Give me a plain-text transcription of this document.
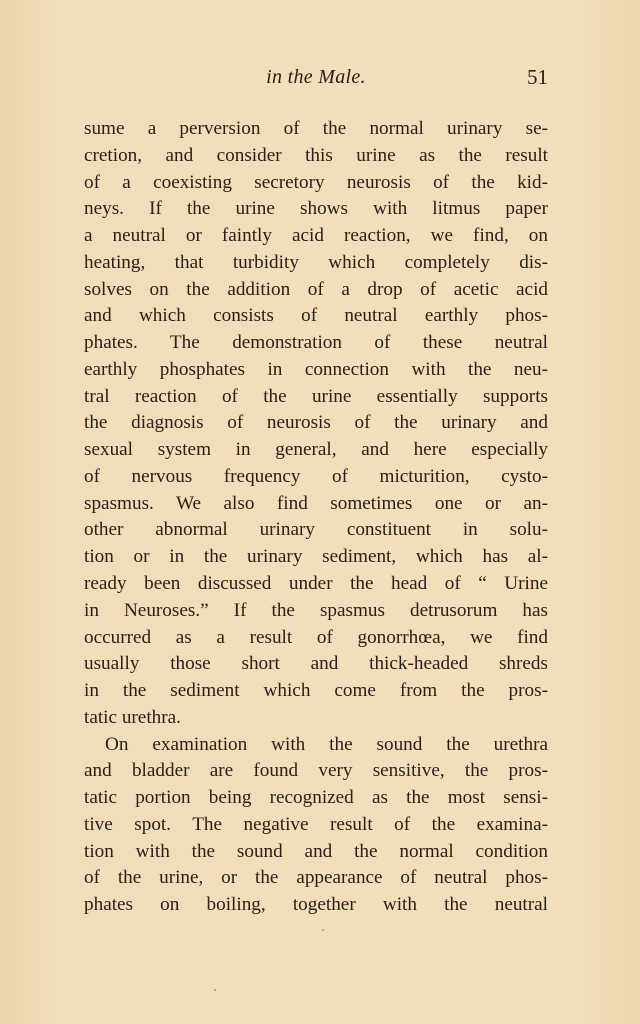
in the Male.	51
sume a perversion of the normal urinary se-
cretion, and consider this urine as the result
of a coexisting secretory neurosis of the kid-
neys. If the urine shows with litmus paper
a neutral or faintly acid reaction, we find, on
heating, that turbidity which completely dis-
solves on the addition of a drop of acetic acid
and which consists of neutral earthly phos-
phates. The demonstration of these neutral
earthly phosphates in connection with the neu-
tral reaction of the urine essentially supports
the diagnosis of neurosis of the urinary and
sexual system in general, and here especially
of nervous frequency of micturition, cysto-
spasmus. We also find sometimes one or an-
other abnormal urinary constituent in solu-
tion or in the urinary sediment, which has al-
ready been discussed under the head of “ Urine
in Neuroses.” If the spasmus detrusorum has
occurred as a result of gonorrhœa, we find
usually those short and thick-headed shreds
in the sediment which come from the pros-
tatic urethra.
On examination with the sound the urethra
and bladder are found very sensitive, the pros-
tatic portion being recognized as the most sensi-
tive spot. The negative result of the examina-
tion with the sound and the normal condition
of the urine, or the appearance of neutral phos-
phates on boiling, together with the neutral
